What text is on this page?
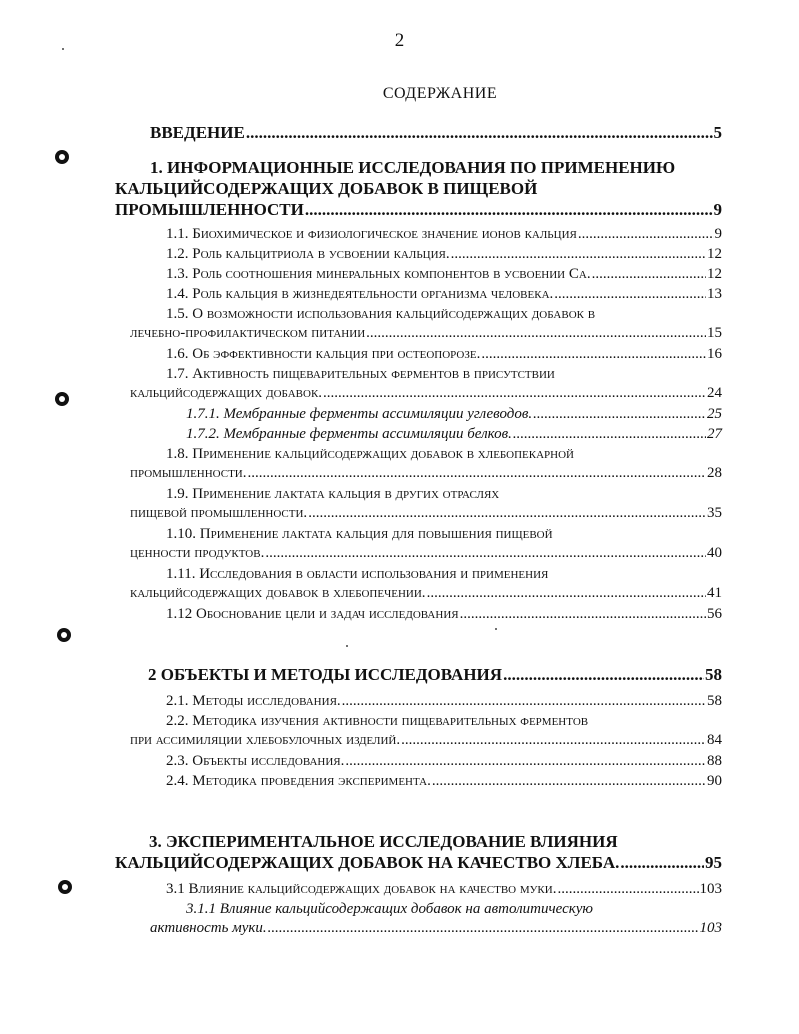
2
СОДЕРЖАНИЕ
ВВЕДЕНИЕ .....	5
1. ИНФОРМАЦИОННЫЕ ИССЛЕДОВАНИЯ ПО ПРИМЕНЕНИЮ
КАЛЬЦИЙСОДЕРЖАЩИХ ДОБАВОК В ПИЩЕВОЙ
ПРОМЫШЛЕННОСТИ .....	9
1.1. Биохимическое и физиологическое значение ионов кальция .....	9
1.2. Роль кальцитриола в усвоении кальция. .....	12
1.3. Роль соотношения минеральных компонентов в усвоении Са. .....	12
1.4. Роль кальция в жизнедеятельности организма человека. .....	13
1.5. О возможности использования кальцийсодержащих добавок в
лечебно-профилактическом питании .....	15
1.6. Об эффективности кальция при остеопорозе. .....	16
1.7. Активность пищеварительных ферментов в присутствии
кальцийсодержащих добавок. .....	24
1.7.1. Мембранные ферменты ассимиляции углеводов. .....	25
1.7.2. Мембранные ферменты ассимиляции белков. .....	27
1.8. Применение кальцийсодержащих добавок в хлебопекарной
промышленности. .....	28
1.9. Применение лактата кальция в других отраслях
пищевой промышленности. .....	35
1.10. Применение лактата кальция для повышения пищевой
ценности продуктов. .....	40
1.11. Исследования в области использования и применения
кальцийсодержащих добавок в хлебопечении. .....	41
1.12 Обоснование цели и задач исследования .....	56
2 ОБЪЕКТЫ И МЕТОДЫ ИССЛЕДОВАНИЯ .....	58
2.1. Методы исследования. .....	58
2.2. Методика изучения активности пищеварительных ферментов
при ассимиляции хлебобулочных изделий. .....	84
2.3. Объекты исследования. .....	88
2.4. Методика проведения эксперимента. .....	90
3. ЭКСПЕРИМЕНТАЛЬНОЕ ИССЛЕДОВАНИЕ ВЛИЯНИЯ
КАЛЬЦИЙСОДЕРЖАЩИХ ДОБАВОК НА КАЧЕСТВО ХЛЕБА. .....	95
3.1 Влияние кальцийсодержащих добавок на качество муки. .....	103
3.1.1 Влияние кальцийсодержащих добавок на автолитическую
активность муки. .....	103
